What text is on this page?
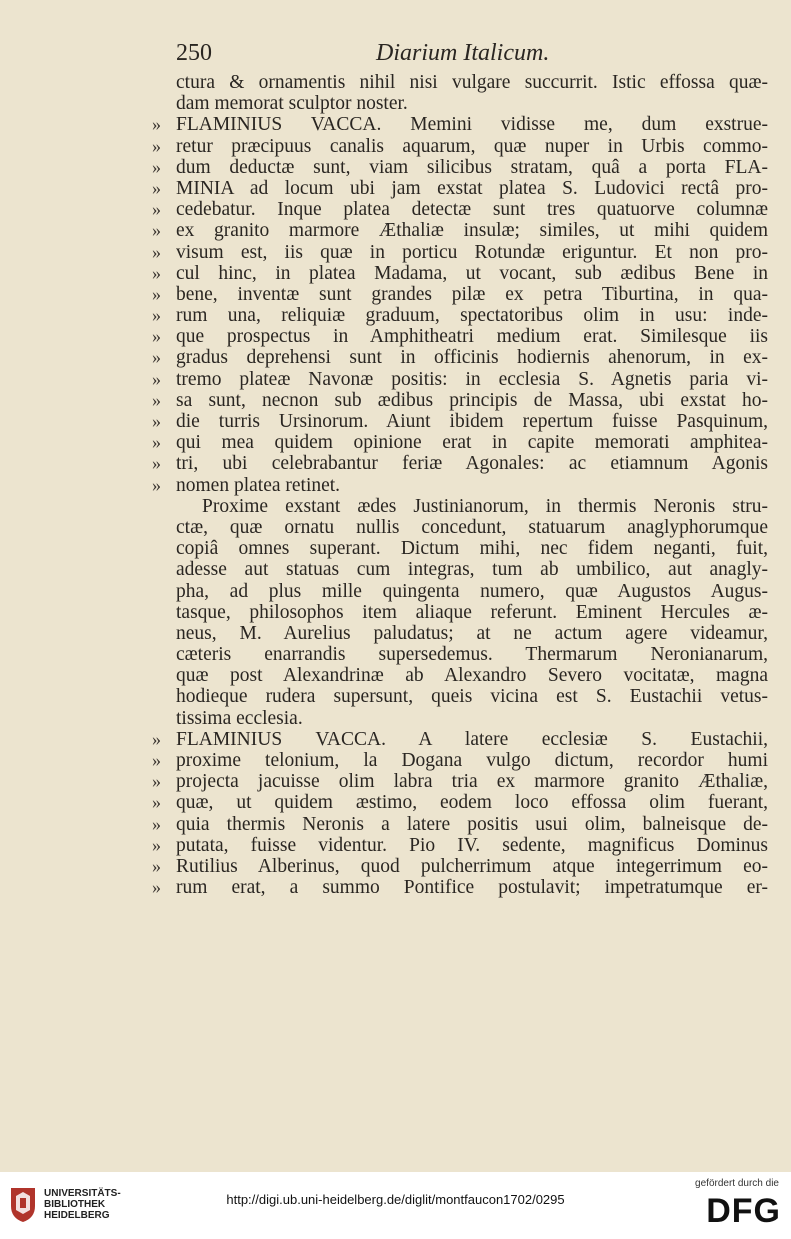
250	Diarium Italicum.
ctura & ornamentis nihil nisi vulgare succurrit. Istic effossa quæ-
dam memorat sculptor noster.
» FLAMINIUS VACCA. Memini vidisse me, dum exstrue-
» retur præcipuus canalis aquarum, quæ nuper in Urbis commo-
» dum deductæ sunt, viam silicibus stratam, quâ a porta FLA-
» MINIA ad locum ubi jam exstat platea S. Ludovici rectâ pro-
» cedebatur. Inque platea detectæ sunt tres quatuorve columnæ
» ex granito marmore Æthaliæ insulæ; similes, ut mihi quidem
» visum est, iis quæ in porticu Rotundæ eriguntur. Et non pro-
» cul hinc, in platea Madama, ut vocant, sub ædibus Bene in
» bene, inventæ sunt grandes pilæ ex petra Tiburtina, in qua-
» rum una, reliquiæ graduum, spectatoribus olim in usu: inde-
» que prospectus in Amphitheatri medium erat. Similesque iis
» gradus deprehensi sunt in officinis hodiernis ahenorum, in ex-
» tremo plateæ Navonæ positis: in ecclesia S. Agnetis paria vi-
» sa sunt, necnon sub ædibus principis de Massa, ubi exstat ho-
» die turris Ursinorum. Aiunt ibidem repertum fuisse Pasquinum,
» qui mea quidem opinione erat in capite memorati amphitea-
» tri, ubi celebrabantur feriæ Agonales: ac etiamnum Agonis
» nomen platea retinet.
Proxime exstant ædes Justinianorum, in thermis Neronis stru-
ctæ, quæ ornatu nullis concedunt, statuarum anaglyphorumque
copiâ omnes superant. Dictum mihi, nec fidem neganti, fuit,
adesse aut statuas cum integras, tum ab umbilico, aut anagly-
pha, ad plus mille quingenta numero, quæ Augustos Augus-
tasque, philosophos item aliaque referunt. Eminent Hercules æ-
neus, M. Aurelius paludatus; at ne actum agere videamur,
cæteris enarrandis supersedemus. Thermarum Neronianarum,
quæ post Alexandrinæ ab Alexandro Severo vocitatæ, magna
hodieque rudera supersunt, queis vicina est S. Eustachii vetus-
tissima ecclesia.
» FLAMINIUS VACCA. A latere ecclesiæ S. Eustachii,
» proxime telonium, la Dogana vulgo dictum, recordor humi
» projecta jacuisse olim labra tria ex marmore granito Æthaliæ,
» quæ, ut quidem æstimo, eodem loco effossa olim fuerant,
» quia thermis Neronis a latere positis usui olim, balneisque de-
» putata, fuisse videntur. Pio IV. sedente, magnificus Dominus
» Rutilius Alberinus, quod pulcherrimum atque integerrimum eo-
» rum erat, a summo Pontifice postulavit; impetratumque er-
UNIVERSITÄTS-
BIBLIOTHEK
HEIDELBERG
http://digi.ub.uni-heidelberg.de/diglit/montfaucon1702/0295
gefördert durch die
DFG
